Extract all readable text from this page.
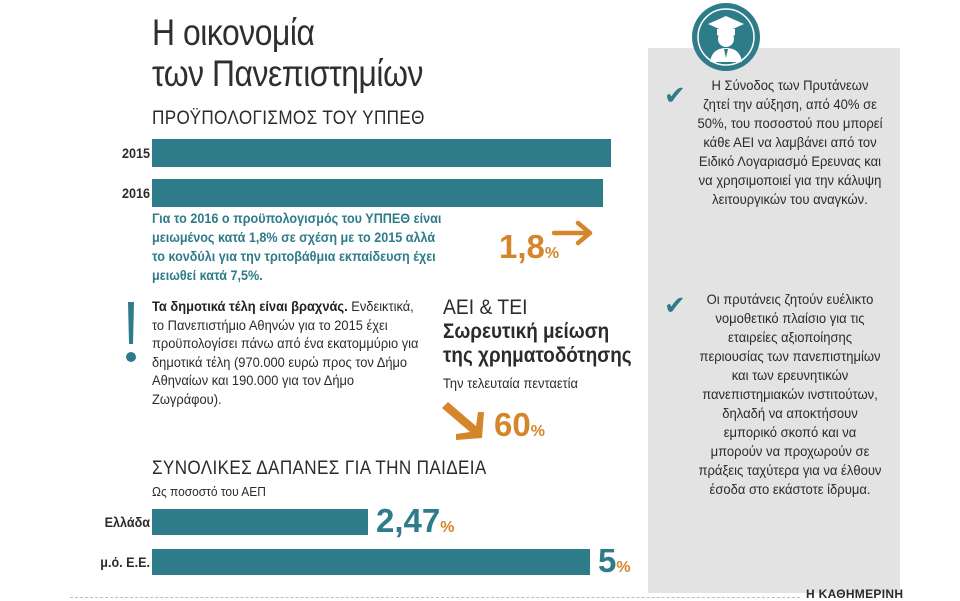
Η οικονομία
των Πανεπιστημίων
ΠΡΟΫΠΟΛΟΓΙΣΜΟΣ ΤΟΥ ΥΠΠΕΘ
2015
2016
Για το 2016 ο προϋπολογισμός του ΥΠΠΕΘ είναι μειωμένος κατά 1,8% σε σχέση με το 2015 αλλά το κονδύλι για την τριτοβάθμια εκπαίδευση έχει μειωθεί κατά 7,5%.
1,8%
Τα δημοτικά τέλη είναι βραχνάς. Ενδεικτικά, το Πανεπιστήμιο Αθηνών για το 2015 έχει προϋπολογίσει πάνω από ένα εκατομμύριο για δημοτικά τέλη (970.000 ευρώ προς τον Δήμο Αθηναίων και 190.000 για τον Δήμο Ζωγράφου).
ΑΕΙ & ΤΕΙ
Σωρευτική μείωση
της χρηματοδότησης
Την τελευταία πενταετία
60%
ΣΥΝΟΛΙΚΕΣ ΔΑΠΑΝΕΣ ΓΙΑ ΤΗΝ ΠΑΙΔΕΙΑ
Ως ποσοστό του ΑΕΠ
Ελλάδα	2,47%
μ.ό. Ε.Ε.	5%
✔	Η Σύνοδος των Πρυτάνεων ζητεί την αύξηση, από 40% σε 50%, του ποσοστού που μπορεί κάθε ΑΕΙ να λαμβάνει από τον Ειδικό Λογαριασμό Ερευνας και να χρησιμοποιεί για την κάλυψη λειτουργικών του αναγκών.
✔	Οι πρυτάνεις ζητούν ευέλικτο νομοθετικό πλαίσιο για τις εταιρείες αξιοποίησης περιουσίας των πανεπιστημίων και των ερευνητικών πανεπιστημιακών ινστιτούτων, δηλαδή να αποκτήσουν εμπορικό σκοπό και να μπορούν να προχωρούν σε πράξεις ταχύτερα για να έλθουν έσοδα στο εκάστοτε ίδρυμα.
Η ΚΑΘΗΜΕΡΙΝΗ
